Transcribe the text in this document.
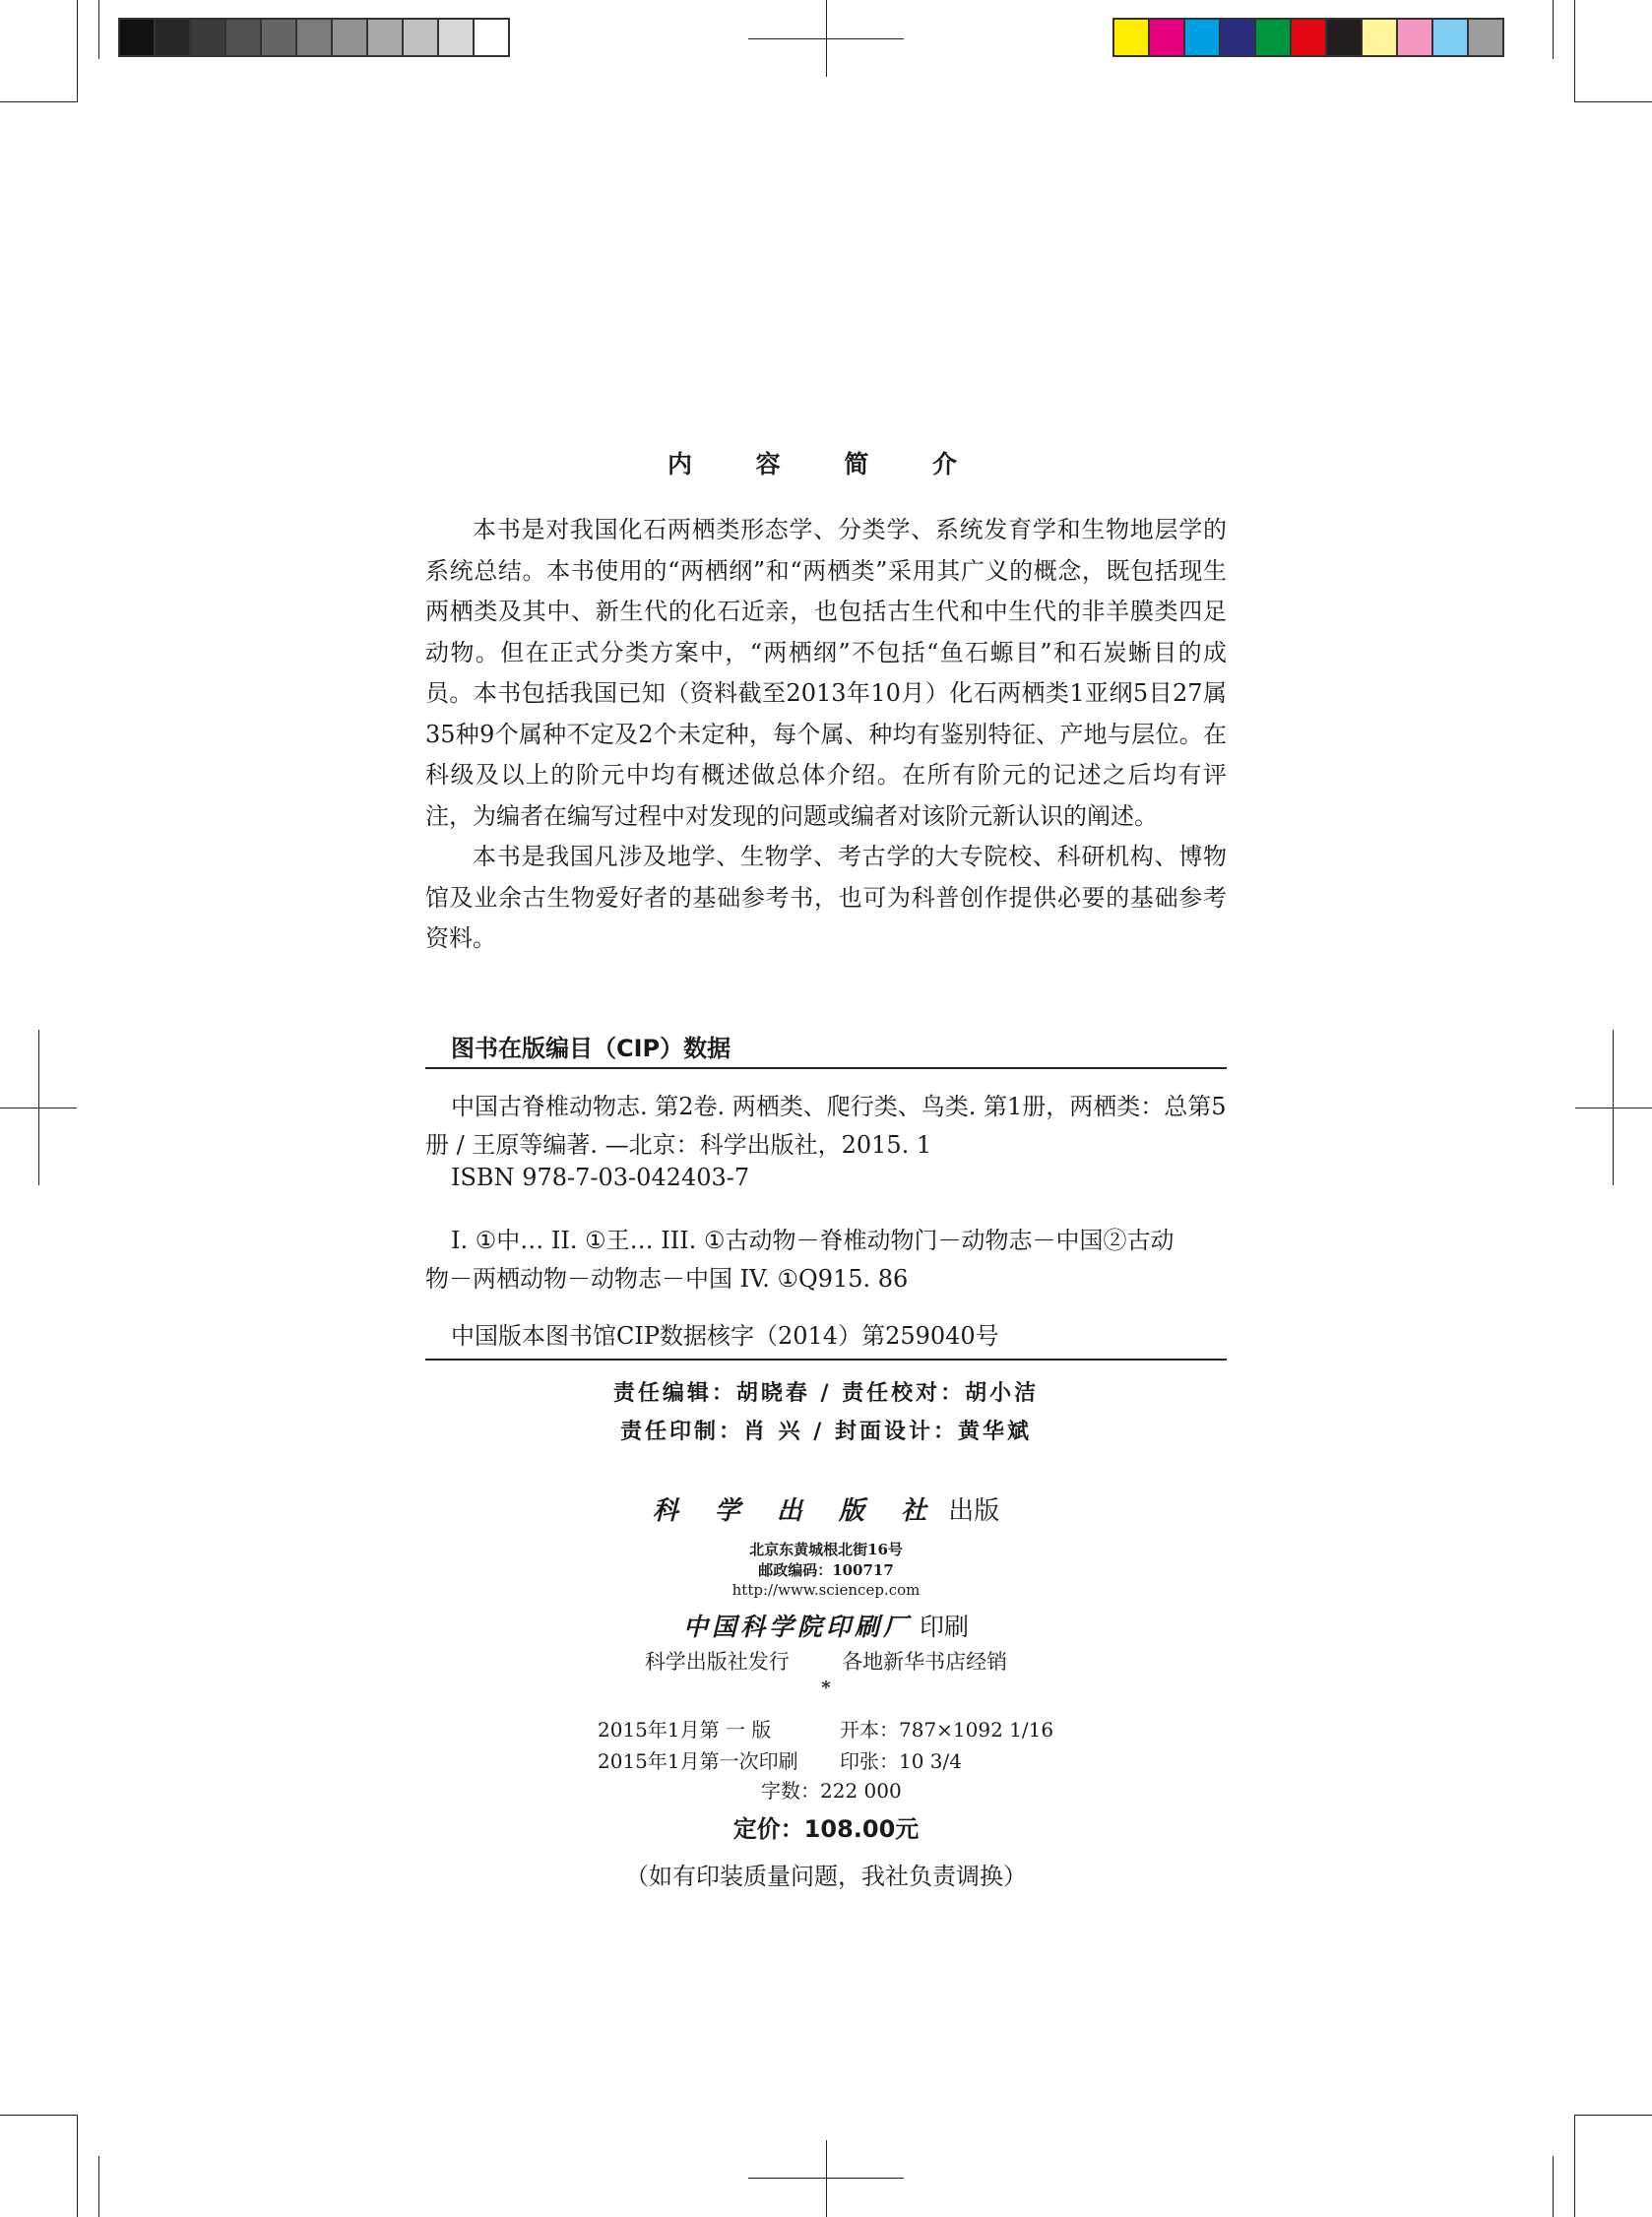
内 容 简 介

本书是对我国化石两栖类形态学、分类学、系统发育学和生物地层学的系统总结。本书使用的“两栖纲”和“两栖类”采用其广义的概念，既包括现生两栖类及其中、新生代的化石近亲，也包括古生代和中生代的非羊膜类四足动物。但在正式分类方案中，“两栖纲”不包括“鱼石螈目”和石炭蜥目的成员。本书包括我国已知（资料截至2013年10月）化石两栖类1亚纲5目27属35种9个属种不定及2个未定种，每个属、种均有鉴别特征、产地与层位。在科级及以上的阶元中均有概述做总体介绍。在所有阶元的记述之后均有评注，为编者在编写过程中对发现的问题或编者对该阶元新认识的阐述。

本书是我国凡涉及地学、生物学、考古学的大专院校、科研机构、博物馆及业余古生物爱好者的基础参考书，也可为科普创作提供必要的基础参考资料。

图书在版编目（CIP）数据
中国古脊椎动物志. 第2卷. 两栖类、爬行类、鸟类. 第1册，两栖类：总第5
册 / 王原等编著. —北京：科学出版社，2015. 1
ISBN 978-7-03-042403-7
I. ①中… II. ①王… III. ①古动物－脊椎动物门－动物志－中国②古动
物－两栖动物－动物志－中国 IV. ①Q915. 86
中国版本图书馆CIP数据核字（2014）第259040号
责任编辑：胡晓春 / 责任校对：胡小洁
责任印制：肖 兴 / 封面设计：黄华斌
科 学 出 版 社 出版
北京东黄城根北街16号
邮政编码：100717
http://www.sciencep.com
中国科学院印刷厂 印刷
科学出版社发行	各地新华书店经销
*
2015年1月第 一 版	开本：787×1092 1/16
2015年1月第一次印刷 印张：10 3/4
字数：222 000
定价：108.00元
（如有印装质量问题，我社负责调换）
